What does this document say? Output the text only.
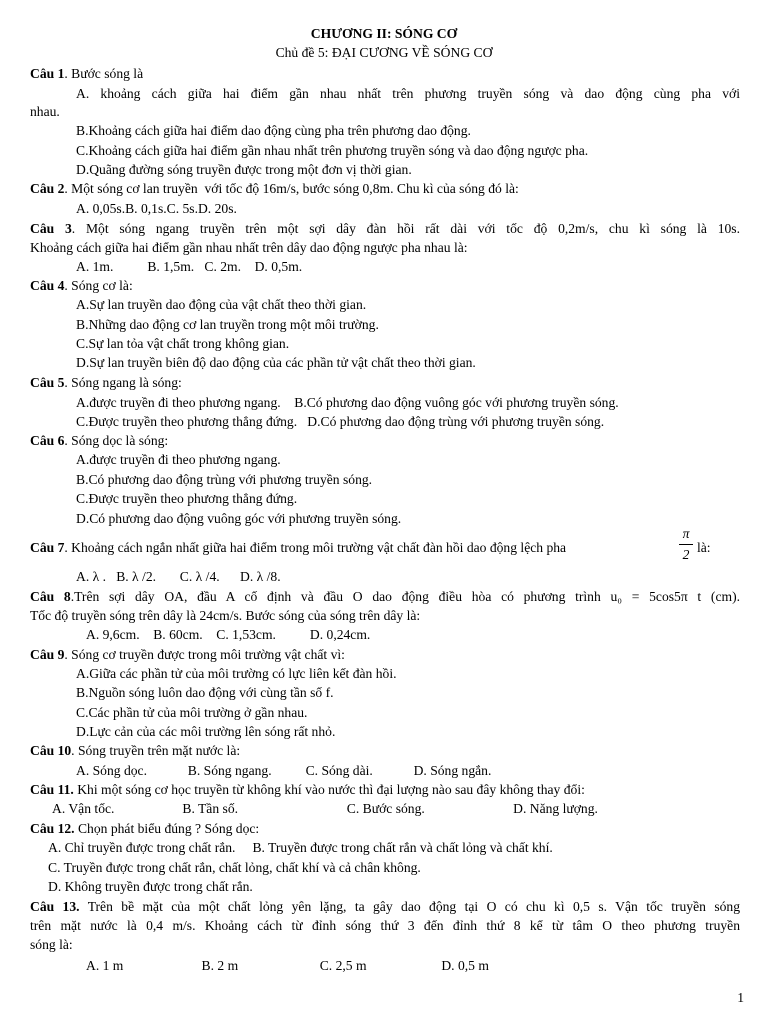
CHƯƠNG II: SÓNG CƠ
Chủ đề 5: ĐẠI CƯƠNG VỀ SÓNG CƠ
Câu 1. Bước sóng là
A. khoảng cách giữa hai điểm gần nhau nhất trên phương truyền sóng và dao động cùng pha với
nhau.
B.Khoảng cách giữa hai điểm dao động cùng pha trên phương dao động.
C.Khoảng cách giữa hai điểm gần nhau nhất trên phương truyền sóng và dao động ngược pha.
D.Quãng đường sóng truyền được trong một đơn vị thời gian.
Câu 2. Một sóng cơ lan truyền  với tốc độ 16m/s, bước sóng 0,8m. Chu kì của sóng đó là:
A. 0,05s.B. 0,1s.C. 5s.D. 20s.
Câu 3. Một sóng ngang truyền trên một sợi dây đàn hồi rất dài với tốc độ 0,2m/s, chu kì sóng là 10s.
Khoảng cách giữa hai điểm gần nhau nhất trên dây dao động ngược pha nhau là:
A. 1m.          B. 1,5m.   C. 2m.    D. 0,5m.
Câu 4. Sóng cơ là:
A.Sự lan truyền dao động của vật chất theo thời gian.
B.Những dao động cơ lan truyền trong một môi trường.
C.Sự lan tỏa vật chất trong không gian.
D.Sự lan truyền biên độ dao động của các phần tử vật chất theo thời gian.
Câu 5. Sóng ngang là sóng:
A.được truyền đi theo phương ngang.    B.Có phương dao động vuông góc với phương truyền sóng.
C.Được truyền theo phương thẳng đứng.   D.Có phương dao động trùng với phương truyền sóng.
Câu 6. Sóng dọc là sóng:
A.được truyền đi theo phương ngang.
B.Có phương dao động trùng với phương truyền sóng.
C.Được truyền theo phương thẳng đứng.
D.Có phương dao động vuông góc với phương truyền sóng.
Câu 7. Khoảng cách ngắn nhất giữa hai điểm trong môi trường vật chất đàn hồi dao động lệch pha
π
2 là:
A. λ .   B. λ /2.       C. λ /4.      D. λ /8.
Câu 8.Trên sợi dây OA, đầu A cố định và đầu O dao động điều hòa có phương trình u₀ = 5cos5π t (cm).
Tốc độ truyền sóng trên dây là 24cm/s. Bước sóng của sóng trên dây là:
A. 9,6cm.    B. 60cm.    C. 1,53cm.          D. 0,24cm.
Câu 9. Sóng cơ truyền được trong môi trường vật chất vì:
A.Giữa các phần tử của môi trường có lực liên kết đàn hồi.
B.Nguồn sóng luôn dao động với cùng tần số f.
C.Các phần tử của môi trường ở gần nhau.
D.Lực cản của các môi trường lên sóng rất nhỏ.
Câu 10. Sóng truyền trên mặt nước là:
A. Sóng dọc.            B. Sóng ngang.          C. Sóng dài.            D. Sóng ngắn.
Câu 11. Khi một sóng cơ học truyền từ không khí vào nước thì đại lượng nào sau đây không thay đổi:
A. Vận tốc.                    B. Tần số.                                C. Bước sóng.                          D. Năng lượng.
Câu 12. Chọn phát biểu đúng ? Sóng dọc:
A. Chỉ truyền được trong chất rắn.     B. Truyền được trong chất rắn và chất lỏng và chất khí.
C. Truyền được trong chất rắn, chất lỏng, chất khí và cả chân không.
D. Không truyền được trong chất rắn.
Câu 13. Trên bề mặt của một chất lỏng yên lặng, ta gây dao động tại O có chu kì 0,5 s. Vận tốc truyền sóng
trên mặt nước là 0,4 m/s. Khoảng cách từ đỉnh sóng thứ 3 đến đỉnh thứ 8 kể từ tâm O theo phương truyền
sóng là:
A. 1 m                       B. 2 m                        C. 2,5 m                      D. 0,5 m
1
